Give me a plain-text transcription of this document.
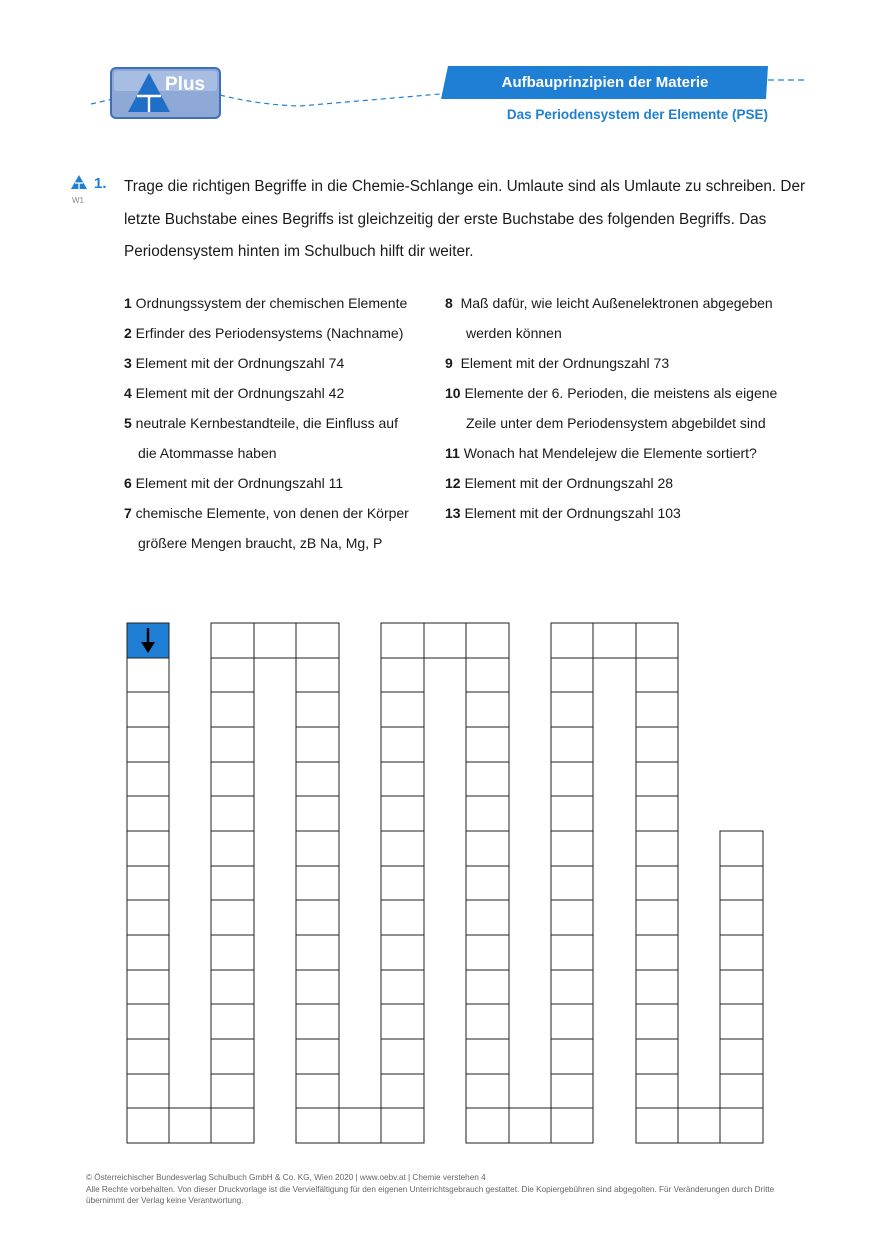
Plus	Aufbauprinzipien der Materie
Das Periodensystem der Elemente (PSE)
W1
1. Trage die richtigen Begriffe in die Chemie-Schlange ein. Umlaute sind als Umlaute zu schreiben. Der letzte Buchstabe eines Begriffs ist gleichzeitig der erste Buchstabe des folgenden Begriffs. Das Periodensystem hinten im Schulbuch hilft dir weiter.

1 Ordnungssystem der chemischen Elemente
2 Erfinder des Periodensystems (Nachname)
3 Element mit der Ordnungszahl 74
4 Element mit der Ordnungszahl 42
5 neutrale Kernbestandteile, die Einfluss auf
die Atommasse haben
6 Element mit der Ordnungszahl 11
7 chemische Elemente, von denen der Körper
größere Mengen braucht, zB Na, Mg, P
8  Maß dafür, wie leicht Außenelektronen abgegeben
werden können
9  Element mit der Ordnungszahl 73
10 Elemente der 6. Perioden, die meistens als eigene
Zeile unter dem Periodensystem abgebildet sind
11 Wonach hat Mendelejew die Elemente sortiert?
12 Element mit der Ordnungszahl 28
13 Element mit der Ordnungszahl 103
© Österreichischer Bundesverlag Schulbuch GmbH & Co. KG, Wien 2020 | www.oebv.at | Chemie verstehen 4
Alle Rechte vorbehalten. Von dieser Druckvorlage ist die Vervielfältigung für den eigenen Unterrichtsgebrauch gestattet. Die Kopiergebühren sind abgegolten. Für Veränderungen durch Dritte übernimmt der Verlag keine Verantwortung.
